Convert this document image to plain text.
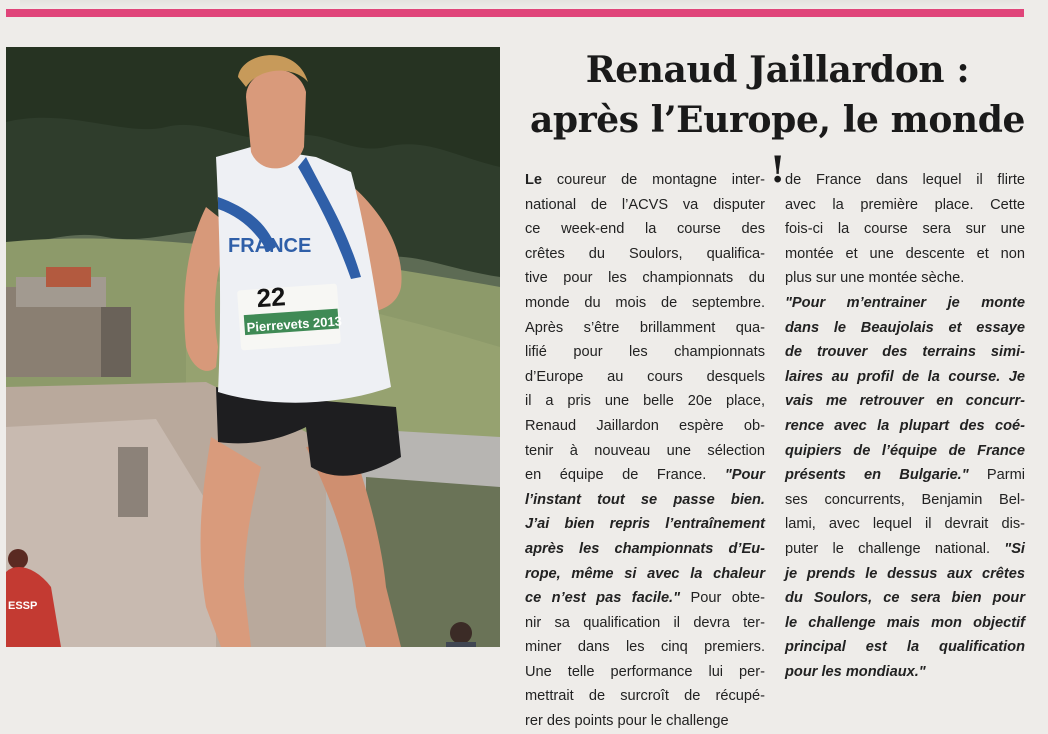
22
Pierrevets 2013
FRANCE
ESSP
Renaud Jaillardon :
après l’Europe, le monde !

Le coureur de montagne inter-
national de l’ACVS va disputer
ce week-end la course des
crêtes du Soulors, qualifica-
tive pour les championnats du
monde du mois de septembre.
Après s’être brillamment qua-
lifié pour les championnats
d’Europe au cours desquels
il a pris une belle 20e place,
Renaud Jaillardon espère ob-
tenir à nouveau une sélection
en équipe de France. "Pour
l’instant tout se passe bien.
J’ai bien repris l’entraînement
après les championnats d’Eu-
rope, même si avec la chaleur
ce n’est pas facile." Pour obte-
nir sa qualification il devra ter-
miner dans les cinq premiers.
Une telle performance lui per-
mettrait de surcroît de récupé-
rer des points pour le challenge

de France dans lequel il flirte
avec la première place. Cette
fois-ci la course sera sur une
montée et une descente et non
plus sur une montée sèche.
"Pour m’entrainer je monte
dans le Beaujolais et essaye
de trouver des terrains simi-
laires au profil de la course. Je
vais me retrouver en concurr-
rence avec la plupart des coé-
quipiers de l’équipe de France
présents en Bulgarie." Parmi
ses concurrents, Benjamin Bel-
lami, avec lequel il devrait dis-
puter le challenge national. "Si
je prends le dessus aux crêtes
du Soulors, ce sera bien pour
le challenge mais mon objectif
principal est la qualification
pour les mondiaux."
